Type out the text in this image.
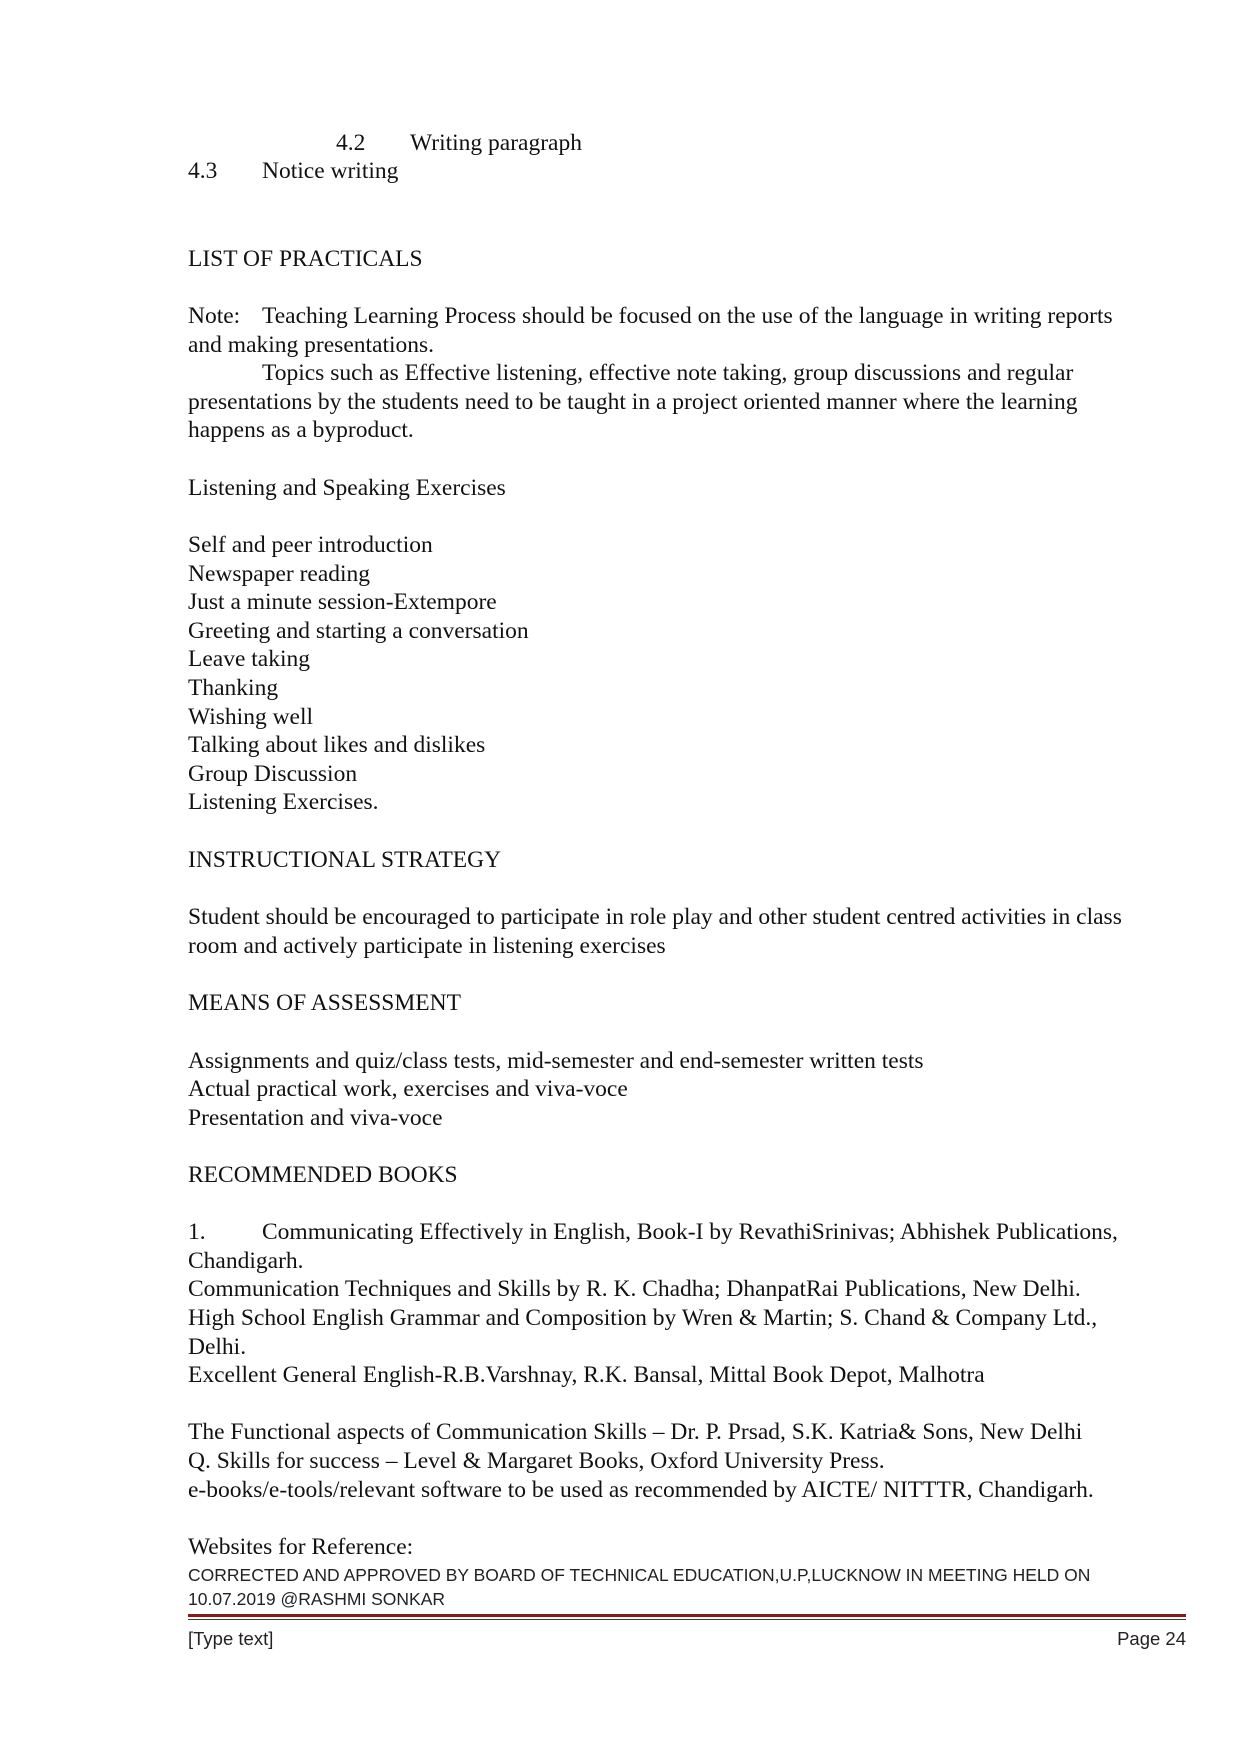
4.2 Writing paragraph

4.3 Notice writing

LIST OF PRACTICALS

Note: Teaching Learning Process should be focused on the use of the language in writing reports

and making presentations.

Topics such as Effective listening, effective note taking, group discussions and regular

presentations by the students need to be taught in a project oriented manner where the learning

happens as a byproduct.

Listening and Speaking Exercises

Self and peer introduction

Newspaper reading

Just a minute session-Extempore

Greeting and starting a conversation

Leave taking

Thanking

Wishing well

Talking about likes and dislikes

Group Discussion

Listening Exercises.

INSTRUCTIONAL STRATEGY

Student should be encouraged to participate in role play and other student centred activities in class

room and actively participate in listening exercises

MEANS OF ASSESSMENT

Assignments and quiz/class tests, mid-semester and end-semester written tests

Actual practical work, exercises and viva-voce

Presentation and viva-voce

RECOMMENDED BOOKS

1. Communicating Effectively in English, Book-I by RevathiSrinivas; Abhishek Publications,

Chandigarh.

Communication Techniques and Skills by R. K. Chadha; DhanpatRai Publications, New Delhi.

High School English Grammar and Composition by Wren & Martin; S. Chand & Company Ltd.,

Delhi.

Excellent General English-R.B.Varshnay, R.K. Bansal, Mittal Book Depot, Malhotra

The Functional aspects of Communication Skills – Dr. P. Prsad, S.K. Katria& Sons, New Delhi

Q. Skills for success – Level & Margaret Books, Oxford University Press.

e-books/e-tools/relevant software to be used as recommended by AICTE/ NITTTR, Chandigarh.

Websites for Reference:

CORRECTED AND APPROVED BY BOARD OF TECHNICAL EDUCATION,U.P,LUCKNOW IN MEETING HELD ON
10.07.2019 @RASHMI SONKAR
[Type text]	Page 24
